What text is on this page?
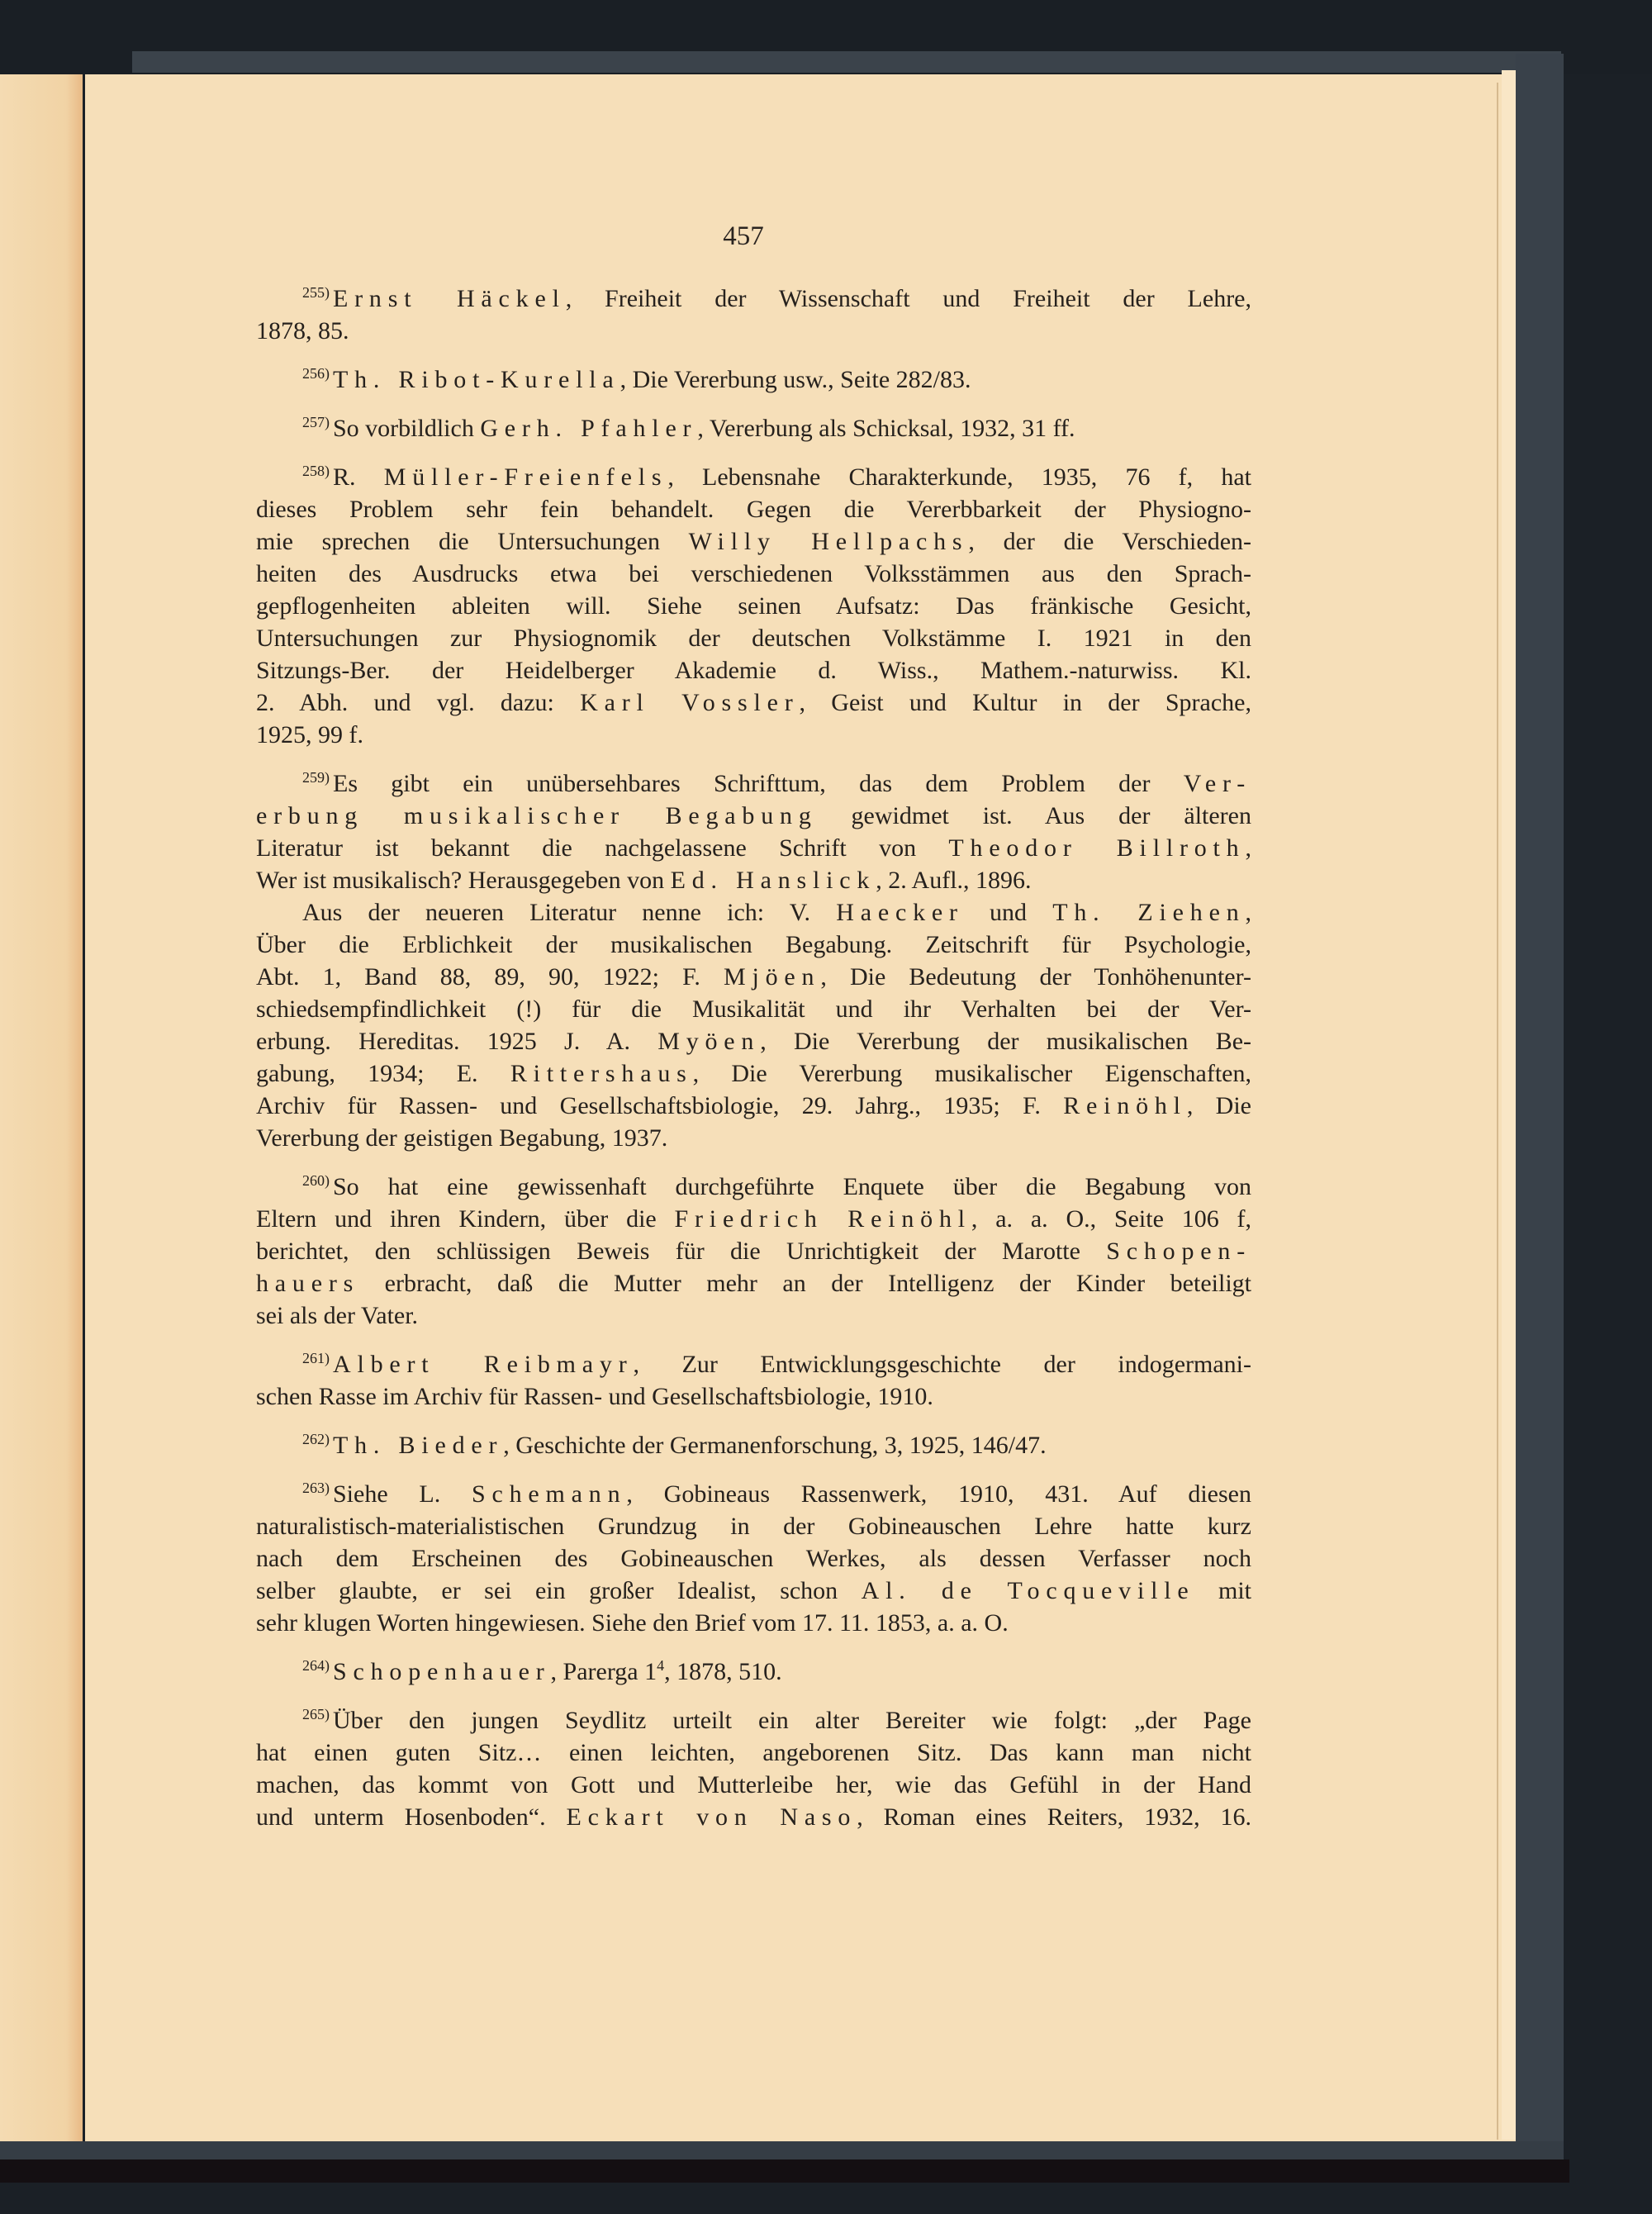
457
$^{255)}$ Ernst Häckel, Freiheit der Wissenschaft und Freiheit der Lehre,
1878, 85.
$^{256)}$ Th. Ribot-Kurella, Die Vererbung usw., Seite 282/83.
$^{257)}$ So vorbildlich Gerh. Pfahler, Vererbung als Schicksal, 1932, 31 ff.
$^{258)}$ R. Müller-Freienfels, Lebensnahe Charakterkunde, 1935, 76 f, hat
dieses Problem sehr fein behandelt. Gegen die Vererbbarkeit der Physiogno-
mie sprechen die Untersuchungen Willy Hellpachs, der die Verschieden-
heiten des Ausdrucks etwa bei verschiedenen Volksstämmen aus den Sprach-
gepflogenheiten ableiten will. Siehe seinen Aufsatz: Das fränkische Gesicht,
Untersuchungen zur Physiognomik der deutschen Volkstämme I. 1921 in den
Sitzungs-Ber. der Heidelberger Akademie d. Wiss., Mathem.-naturwiss. Kl.
2. Abh. und vgl. dazu: Karl Vossler, Geist und Kultur in der Sprache,
1925, 99 f.
$^{259)}$ Es gibt ein unübersehbares Schrifttum, das dem Problem der Ver-
erbung musikalischer Begabung gewidmet ist. Aus der älteren
Literatur ist bekannt die nachgelassene Schrift von Theodor Billroth,
Wer ist musikalisch? Herausgegeben von Ed. Hanslick, 2. Aufl., 1896.
Aus der neueren Literatur nenne ich: V. Haecker und Th. Ziehen,
Über die Erblichkeit der musikalischen Begabung. Zeitschrift für Psychologie,
Abt. 1, Band 88, 89, 90, 1922; F. Mjöen, Die Bedeutung der Tonhöhenunter-
schiedsempfindlichkeit (!) für die Musikalität und ihr Verhalten bei der Ver-
erbung. Hereditas. 1925 J. A. Myöen, Die Vererbung der musikalischen Be-
gabung, 1934; E. Rittershaus, Die Vererbung musikalischer Eigenschaften,
Archiv für Rassen- und Gesellschaftsbiologie, 29. Jahrg., 1935; F. Reinöhl, Die
Vererbung der geistigen Begabung, 1937.
$^{260)}$ So hat eine gewissenhaft durchgeführte Enquete über die Begabung von
Eltern und ihren Kindern, über die Friedrich Reinöhl, a. a. O., Seite 106 f,
berichtet, den schlüssigen Beweis für die Unrichtigkeit der Marotte Schopen-
hauers erbracht, daß die Mutter mehr an der Intelligenz der Kinder beteiligt
sei als der Vater.
$^{261)}$ Albert Reibmayr, Zur Entwicklungsgeschichte der indogermani-
schen Rasse im Archiv für Rassen- und Gesellschaftsbiologie, 1910.
$^{262)}$ Th. Bieder, Geschichte der Germanenforschung, 3, 1925, 146/47.
$^{263)}$ Siehe L. Schemann, Gobineaus Rassenwerk, 1910, 431. Auf diesen
naturalistisch-materialistischen Grundzug in der Gobineauschen Lehre hatte kurz
nach dem Erscheinen des Gobineauschen Werkes, als dessen Verfasser noch
selber glaubte, er sei ein großer Idealist, schon Al. de Tocqueville mit
sehr klugen Worten hingewiesen. Siehe den Brief vom 17. 11. 1853, a. a. O.
$^{264)}$ Schopenhauer, Parerga $1^4$, 1878, 510.
$^{265)}$ Über den jungen Seydlitz urteilt ein alter Bereiter wie folgt: „der Page
hat einen guten Sitz… einen leichten, angeborenen Sitz. Das kann man nicht
machen, das kommt von Gott und Mutterleibe her, wie das Gefühl in der Hand
und unterm Hosenboden“. Eckart von Naso, Roman eines Reiters, 1932, 16.
